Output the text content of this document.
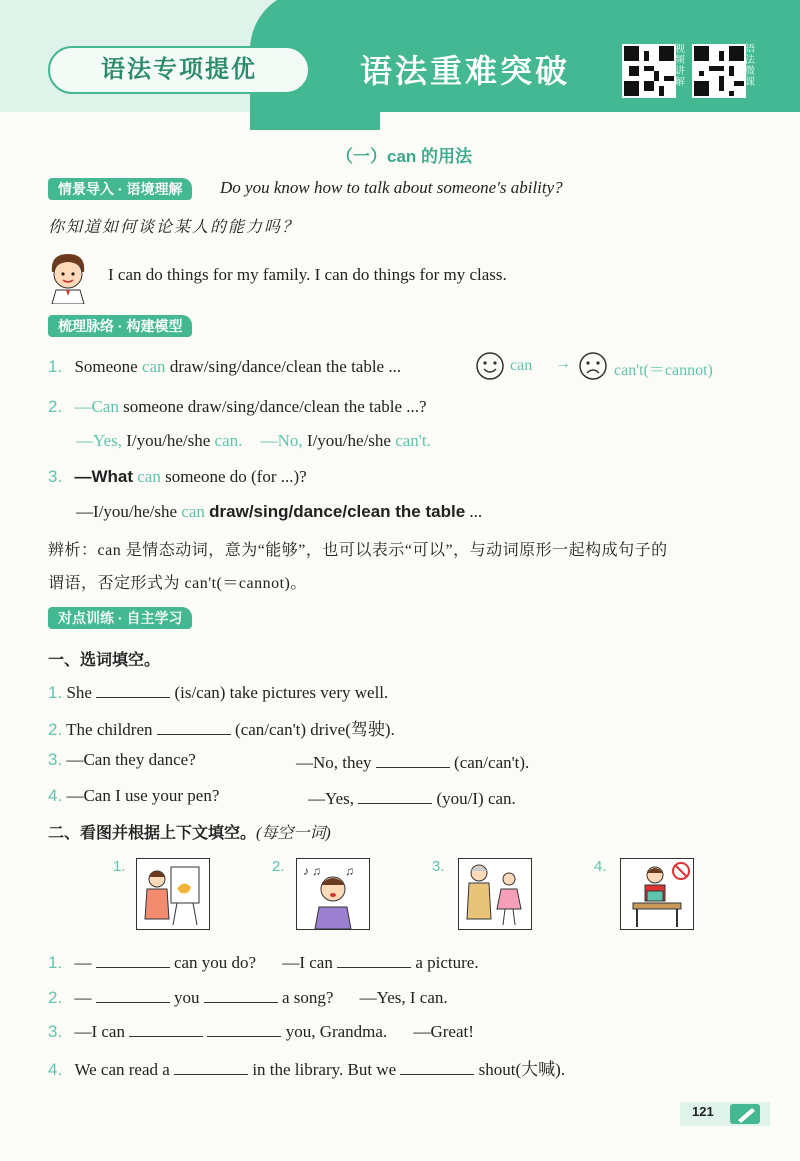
语法专项提优	语法重难突破
视频讲解
语法微课
（一）can 的用法
情景导入 · 语境理解	Do you know how to talk about someone's ability?
你知道如何谈论某人的能力吗？
I can do things for my family. I can do things for my class.
梳理脉络 · 构建模型
1. Someone can draw/sing/dance/clean the table ...	can →	can't(＝cannot)
2. —Can someone draw/sing/dance/clean the table ...?
—Yes, I/you/he/she can. —No, I/you/he/she can't.
3. —What can someone do (for ...)?
—I/you/he/she can draw/sing/dance/clean the table ...
辨析：can 是情态动词，意为“能够”，也可以表示“可以”，与动词原形一起构成句子的
谓语，否定形式为 can't(＝cannot)。
对点训练 · 自主学习
一、选词填空。
1. She	(is/can) take pictures very well.
2. The children	(can/can't) drive(驾驶).
3. —Can they dance?	—No, they	(can/can't).
4. —Can I use your pen?	—Yes,	(you/I) can.
二、看图并根据上下文填空。(每空一词)
1.	2. ♪ ♫ ♫	3.	4.
1. —	can you do? —I can	a picture.
2. —	you	a song? —Yes, I can.
3. —I can	you, Grandma. —Great!
4. We can read a	in the library. But we	shout(大喊).
121
